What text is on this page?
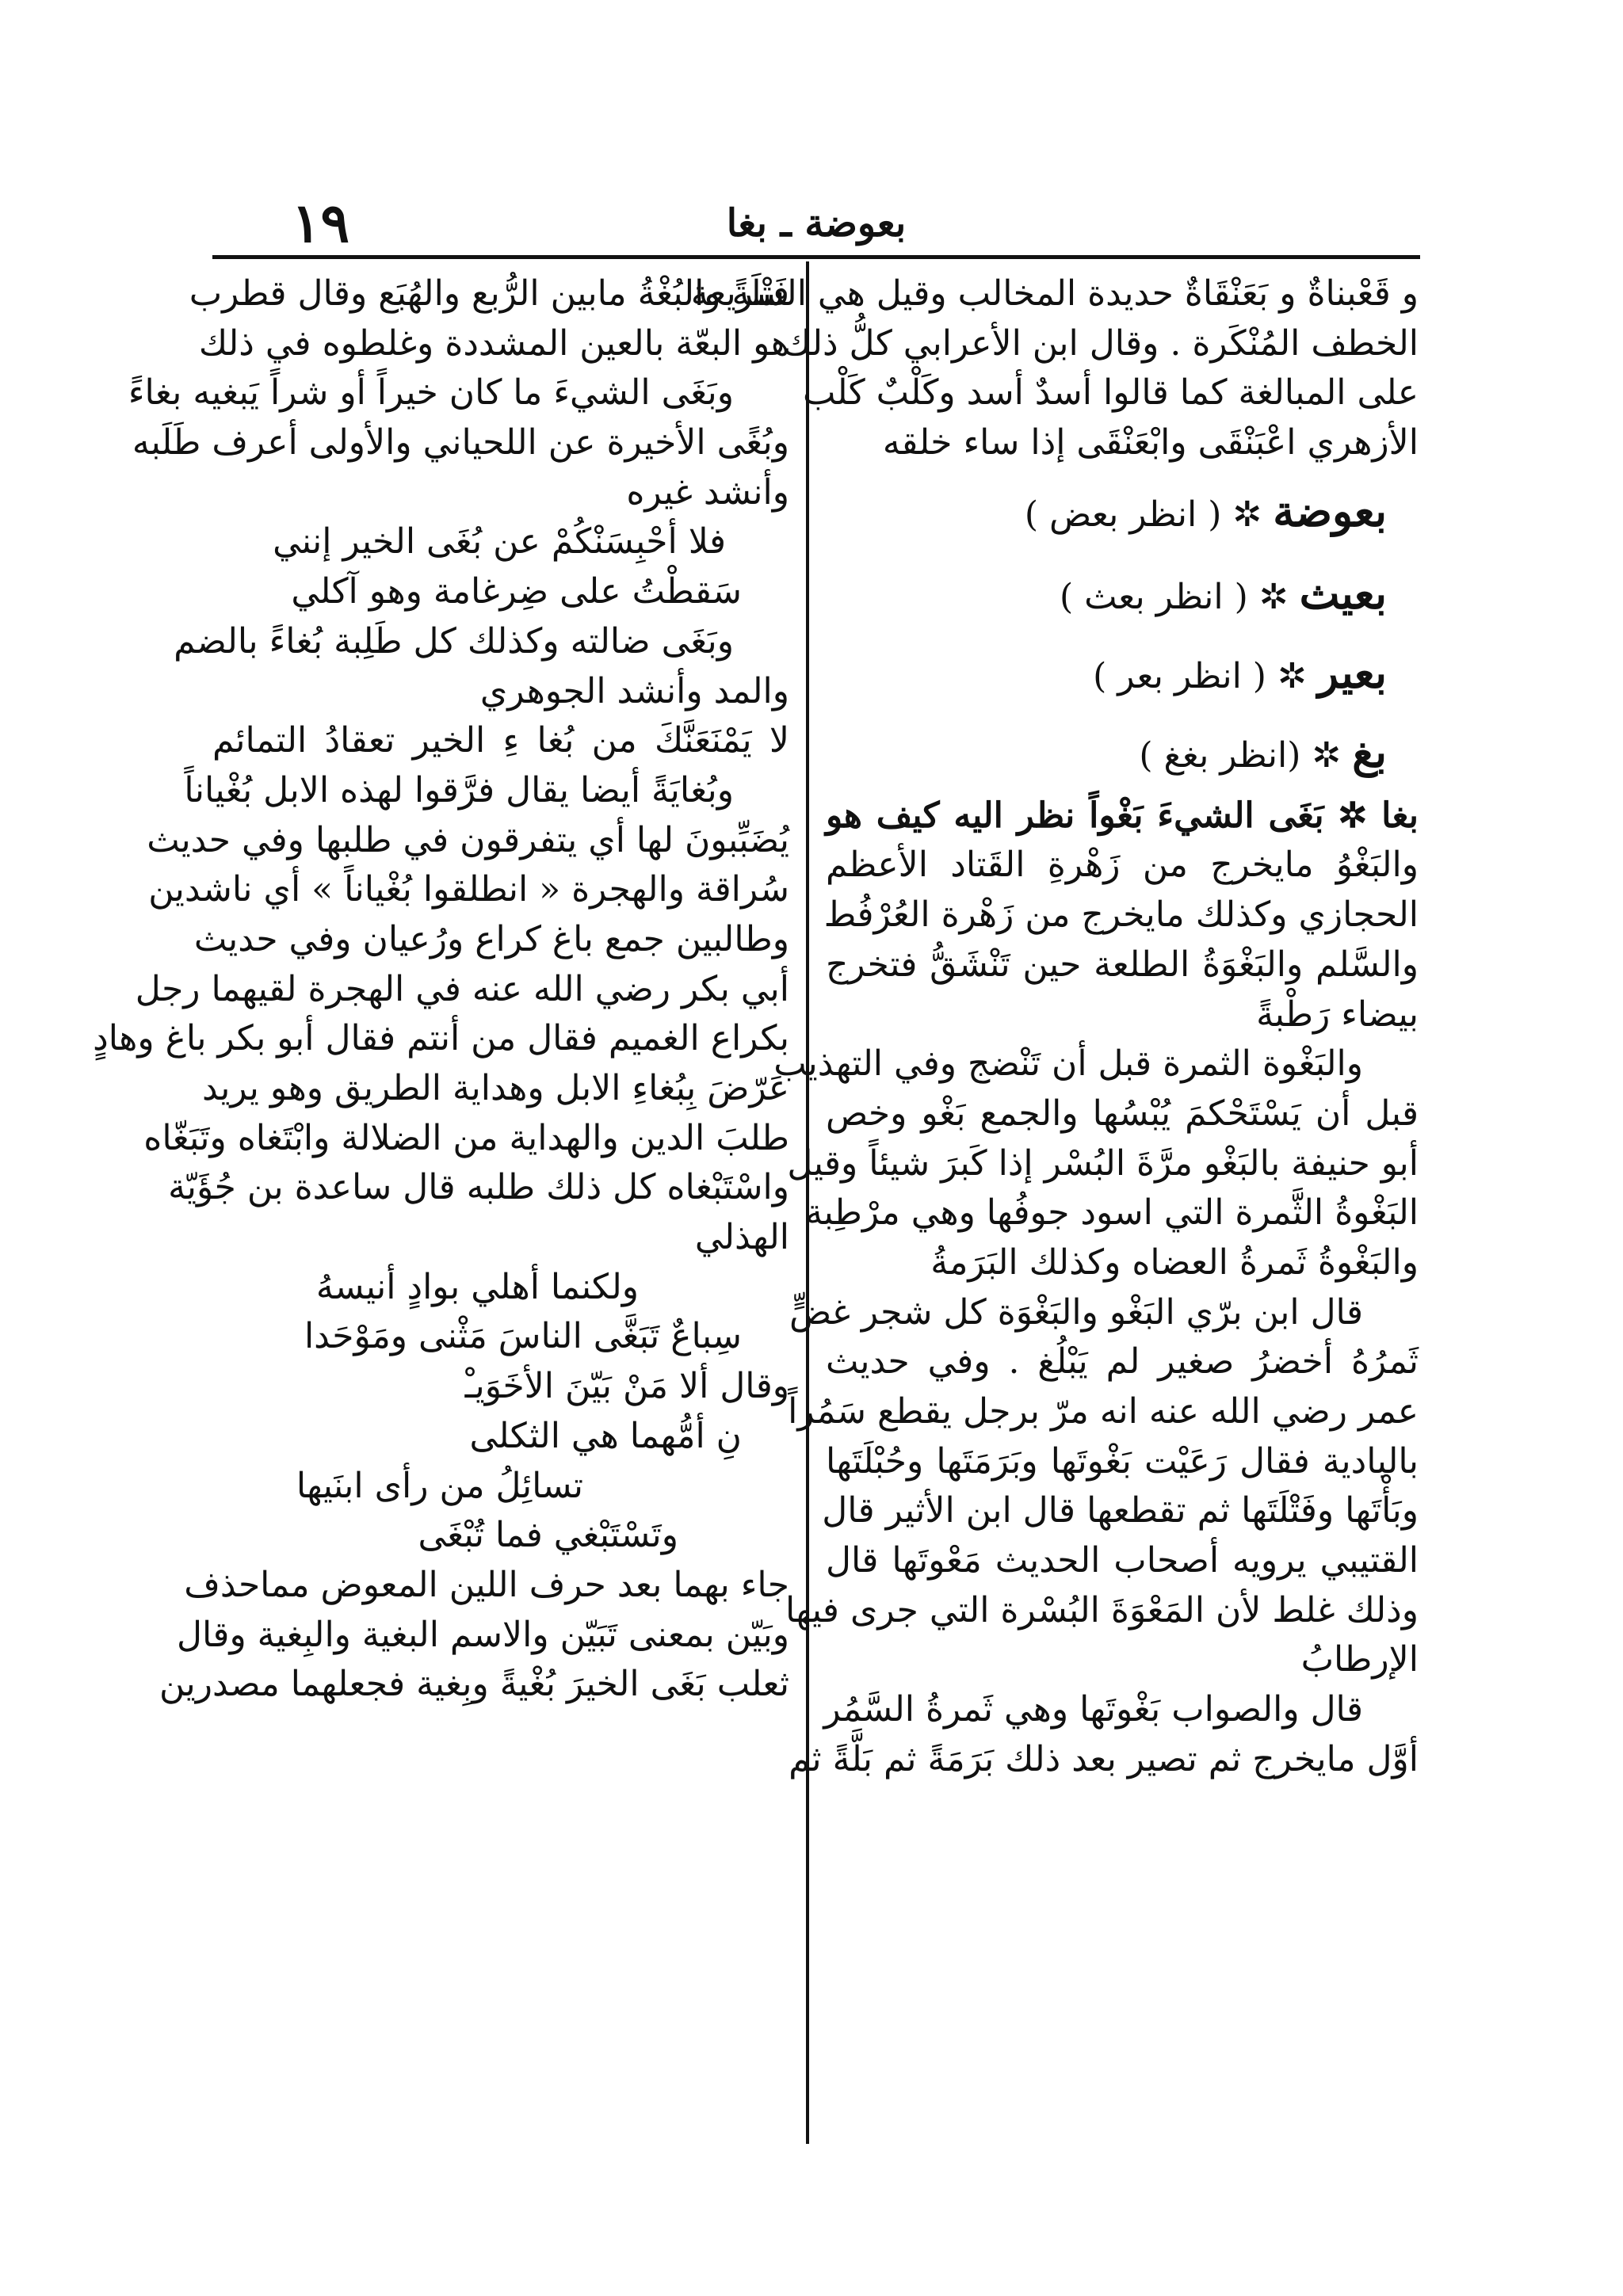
١٩	بعوضة ـ بغا
و قَعْبناةٌ و بَعَنْقَاةٌ حديدة المخالب وقيل هي السريعة
الخطف المُنْكَرة . وقال ابن الأعرابي كلُّ ذلك
على المبالغة كما قالوا أسدٌ أسد وكَلْبٌ كَلْب
الأزهري اعْبَنْقَى وابْعَنْقَى إذا ساء خلقه
بعوضة ✲ ( انظر بعض )
بعيث ✲ ( انظر بعث )
بعير ✲ ( انظر بعر )
بغ ✲ (انظر بغغ )
بغا ✲ بَغَى الشيءَ بَغْواً نظر اليه كيف هو
والبَغْوُ مايخرج من زَهْرةِ القَتاد الأعظم
الحجازي وكذلك مايخرج من زَهْرة العُرْفُط
والسَّلم والبَغْوَةُ الطلعة حين تَنْشَقُّ فتخرج
بيضاء رَطْبةً
والبَغْوة الثمرة قبل أن تَنْضج وفي التهذيب
قبل أن يَسْتَحْكمَ يُبْسُها والجمع بَغْو وخص
أبو حنيفة بالبَغْو مرَّةَ البُسْر إذا كَبرَ شيئاً وقيل
البَغْوةُ الثَّمرة التي اسود جوفُها وهي مرْطِبة
والبَغْوةُ ثَمرةُ العضاه وكذلك البَرَمةُ
قال ابن برّي البَغْو والبَغْوَة كل شجر غضٍّ
ثَمرُهُ أخضرُ صغير لم يَبْلُغ . وفي حديث
عمر رضي الله عنه انه مرّ برجل يقطع سَمُراً
بالبادية فقال رَعَيْت بَغْوتَها وبَرَمَتَها وحُبْلَتَها
وبَأْتَها وفَتْلَتَها ثم تقطعها قال ابن الأثير قال
القتيبي يرويه أصحاب الحديث مَعْوتَها قال
وذلك غلط لأن المَعْوَةَ البُسْرة التي جرى فيها
الإرطابُ
قال والصواب بَغْوتَها وهي ثَمرةُ السَّمُر
أوَّل مايخرج ثم تصير بعد ذلك بَرَمَةً ثم بَلَّةً ثم
فَتْلَةً والبُغْةُ مابين الرُّبع والهُبَع وقال قطرب
هو البعّة بالعين المشددة وغلطوه في ذلك
وبَغَى الشيءَ ما كان خيراً أو شراً يَبغيه بغاءً
وبُغًى الأخيرة عن اللحياني والأولى أعرف طَلَبه
وأنشد غيره
فلا أحْبِسَنْكُمْ عن بُغَى الخير إنني
سَقطْتُ على ضِرغامة وهو آكلي
وبَغَى ضالته وكذلك كل طَلِبة بُغاءً بالضم
والمد وأنشد الجوهري
لا يَمْنَعَنَّكَ من بُغا ءِ الخير تعقادُ التمائم
وبُغايَةً أيضا يقال فرَّقوا لهذه الابل بُغْياناً
يُضَبِّبونَ لها أي يتفرقون في طلبها وفي حديث
سُراقة والهجرة « انطلقوا بُغْياناً » أي ناشدين
وطالبين جمع باغ كراع ورُعيان وفي حديث
أبي بكر رضي الله عنه في الهجرة لقيهما رجل
بكراع الغميم فقال من أنتم فقال أبو بكر باغ وهادٍ
عَرّضَ بِبُغاءِ الابل وهداية الطريق وهو يريد
طلبَ الدين والهداية من الضلالة وابْتَغاه وتَبَغّاه
واسْتَبْغاه كل ذلك طلبه قال ساعدة بن جُؤَيّة
الهذلي
ولكنما أهلي بوادٍ أنيسهُ
سِباعٌ تَبَغَّى الناسَ مَثْنى ومَوْحَدا
وقال ألا مَنْ بَيّنَ الأخَوَيـْ
نِ أمُّهما هي الثكلى
تسائِلُ من رأى ابنَيها
وتَسْتَبْغي فما تُبْغَى
جاء بهما بعد حرف اللين المعوض مماحذف
وبَيّن بمعنى تَبَيّن والاسم البغية والبِغية وقال
ثعلب بَغَى الخيرَ بُغْيةً وبِغية فجعلهما مصدرين
